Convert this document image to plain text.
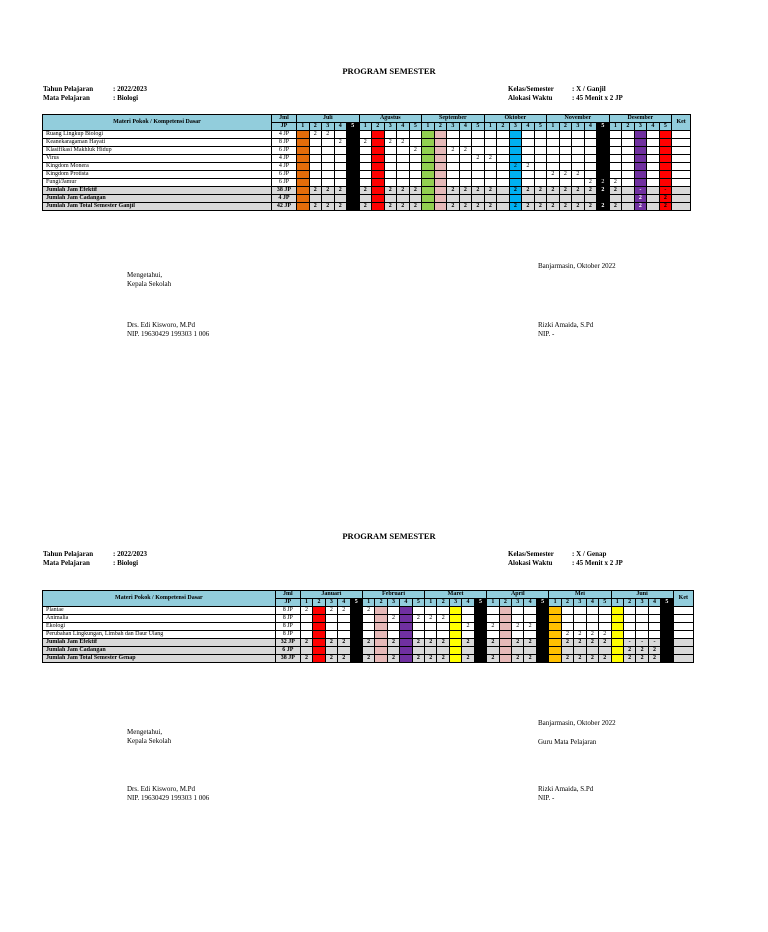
PROGRAM SEMESTER
Tahun Pelajaran	: 2022/2023
Mata Pelajaran	: Biologi
Kelas/Semester	: X / Ganjil
Alokasi Waktu	: 45 Menit x 2 JP
Materi Pokok / Kompetensi Dasar	Jml	Juli					Agustus					September					Oktober					November					Desember					Ket
	JP	1	2	3	4	5	1	2	3	4	5	1	2	3	4	5	1	2	3	4	5	1	2	3	4	5	1	2	3	4	5	
Ruang Lingkup Biologi	4 JP		2	2																												
Keanekaragaman Hayati	8 JP				2		2		2	2																						
Klasifikasi Makhluk Hidup	6 JP										2			2	2																	
Virus	4 JP															2	2															
Kingdom Monera	4 JP																		2	2												
Kingdom Protista	6 JP																					2	2	2								
Fungi/Jamur	6 JP																								2	2	2					
Jumlah Jam Efektif	38 JP		2	2	2		2		2	2	2			2	2	2	2		2	2	2	2	2	2	2	2	2		-		-	
Jumlah Jam Cadangan	4 JP																												2		2	
Jumlah Jam Total Semester Ganjil	42 JP		2	2	2		2		2	2	2			2	2	2	2		2	2	2	2	2	2	2	2	2		2		2	
Mengetahui,
Kepala Sekolah
Drs. Edi Kisworo, M.Pd
NIP. 19630429 199303 1 006
Banjarmasin, Oktober 2022
Rizki Amaida, S.Pd
NIP. -
PROGRAM SEMESTER
Tahun Pelajaran	: 2022/2023
Mata Pelajaran	: Biologi
Kelas/Semester	: X / Genap
Alokasi Waktu	: 45 Menit x 2 JP
Materi Pokok / Kompetensi Dasar	Jml	Januari					Februari					Maret					April					Mei					Juni					Ket
	JP	1	2	3	4	5	1	2	3	4	5	1	2	3	4	5	1	2	3	4	5	1	2	3	4	5	1	2	3	4	5	
Plantae	8 JP	2		2	2		2																									
Animalia	8 JP								2		2	2	2																			
Ekologi	8 JP														2		2		2	2												
Perubahan Lingkungan, Limbah dan Daur Ulang	8 JP																						2	2	2	2						
Jumlah Jam Efektif	32 JP	2		2	2		2		2		2	2	2		2		2		2	2			2	2	2	2		-	-	-		
Jumlah Jam Cadangan	6 JP																											2	2	2		
Jumlah Jam Total Semester Genap	38 JP	2		2	2		2		2		2	2	2		2		2		2	2			2	2	2	2		2	2	2		
Mengetahui,
Kepala Sekolah
Drs. Edi Kisworo, M.Pd
NIP. 19630429 199303 1 006
Banjarmasin, Oktober 2022
Guru Mata Pelajaran
Rizki Amaida, S.Pd
NIP. -
